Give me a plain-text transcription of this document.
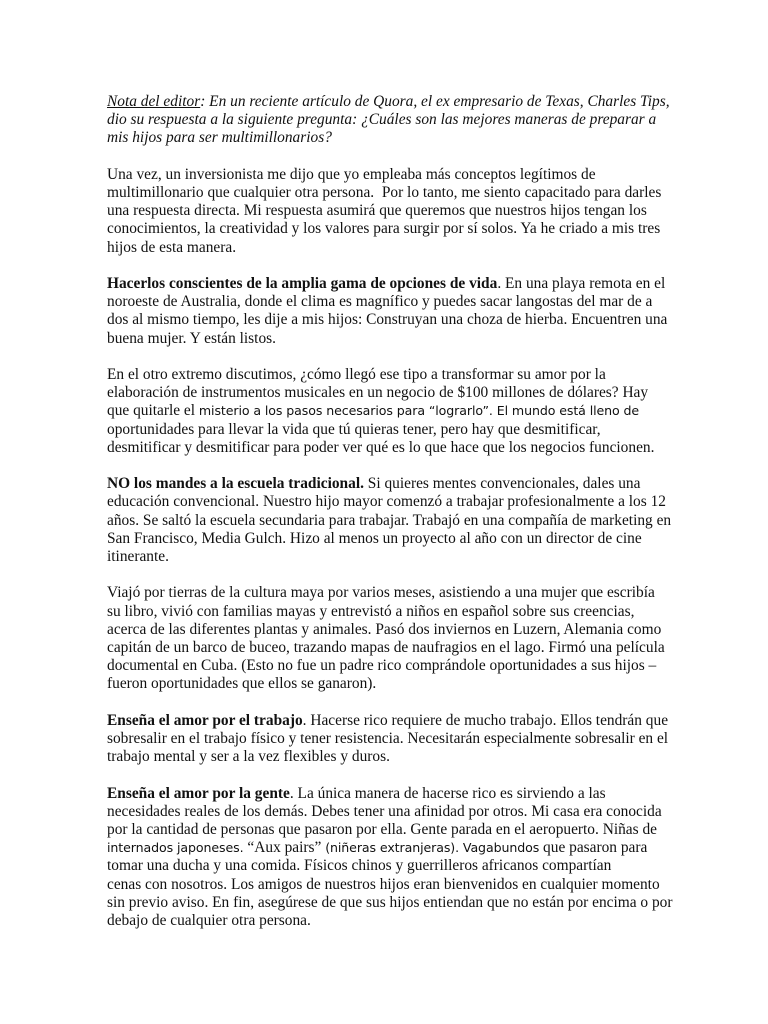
Nota del editor: En un reciente artículo de Quora, el ex empresario de Texas, Charles Tips,
dio su respuesta a la siguiente pregunta: ¿Cuáles son las mejores maneras de preparar a
mis hijos para ser multimillonarios?
Una vez, un inversionista me dijo que yo empleaba más conceptos legítimos de
multimillonario que cualquier otra persona.  Por lo tanto, me siento capacitado para darles
una respuesta directa. Mi respuesta asumirá que queremos que nuestros hijos tengan los
conocimientos, la creatividad y los valores para surgir por sí solos. Ya he criado a mis tres
hijos de esta manera.
Hacerlos conscientes de la amplia gama de opciones de vida. En una playa remota en el
noroeste de Australia, donde el clima es magnífico y puedes sacar langostas del mar de a
dos al mismo tiempo, les dije a mis hijos: Construyan una choza de hierba. Encuentren una
buena mujer. Y están listos.
En el otro extremo discutimos, ¿cómo llegó ese tipo a transformar su amor por la
elaboración de instrumentos musicales en un negocio de $100 millones de dólares? Hay
que quitarle el misterio a los pasos necesarios para “lograrlo”. El mundo está lleno de
oportunidades para llevar la vida que tú quieras tener, pero hay que desmitificar,
desmitificar y desmitificar para poder ver qué es lo que hace que los negocios funcionen.
NO los mandes a la escuela tradicional. Si quieres mentes convencionales, dales una
educación convencional. Nuestro hijo mayor comenzó a trabajar profesionalmente a los 12
años. Se saltó la escuela secundaria para trabajar. Trabajó en una compañía de marketing en
San Francisco, Media Gulch. Hizo al menos un proyecto al año con un director de cine
itinerante.
Viajó por tierras de la cultura maya por varios meses, asistiendo a una mujer que escribía
su libro, vivió con familias mayas y entrevistó a niños en español sobre sus creencias,
acerca de las diferentes plantas y animales. Pasó dos inviernos en Luzern, Alemania como
capitán de un barco de buceo, trazando mapas de naufragios en el lago. Firmó una película
documental en Cuba. (Esto no fue un padre rico comprándole oportunidades a sus hijos –
fueron oportunidades que ellos se ganaron).
Enseña el amor por el trabajo. Hacerse rico requiere de mucho trabajo. Ellos tendrán que
sobresalir en el trabajo físico y tener resistencia. Necesitarán especialmente sobresalir en el
trabajo mental y ser a la vez flexibles y duros.
Enseña el amor por la gente. La única manera de hacerse rico es sirviendo a las
necesidades reales de los demás. Debes tener una afinidad por otros. Mi casa era conocida
por la cantidad de personas que pasaron por ella. Gente parada en el aeropuerto. Niñas de
internados japoneses. “Aux pairs” (niñeras extranjeras). Vagabundos que pasaron para
tomar una ducha y una comida. Físicos chinos y guerrilleros africanos compartían
cenas con nosotros. Los amigos de nuestros hijos eran bienvenidos en cualquier momento
sin previo aviso. En fin, asegúrese de que sus hijos entiendan que no están por encima o por
debajo de cualquier otra persona.
